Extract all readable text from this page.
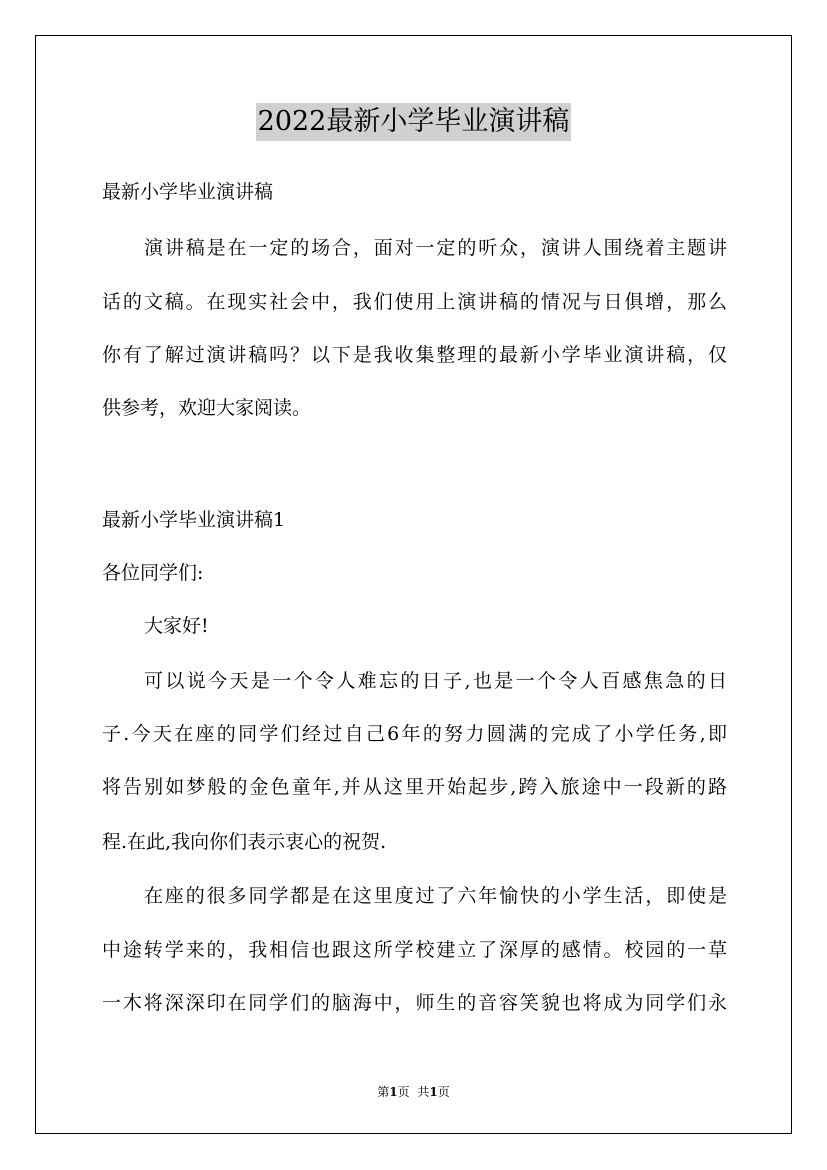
2022最新小学毕业演讲稿
最新小学毕业演讲稿
演讲稿是在一定的场合，面对一定的听众，演讲人围绕着主题讲
话的文稿。在现实社会中，我们使用上演讲稿的情况与日俱增，那么
你有了解过演讲稿吗？以下是我收集整理的最新小学毕业演讲稿，仅
供参考，欢迎大家阅读。
最新小学毕业演讲稿1
各位同学们:
大家好!
可以说今天是一个令人难忘的日子,也是一个令人百感焦急的日
子.今天在座的同学们经过自己6年的努力圆满的完成了小学任务,即
将告别如梦般的金色童年,并从这里开始起步,跨入旅途中一段新的路
程.在此,我向你们表示衷心的祝贺.
在座的很多同学都是在这里度过了六年愉快的小学生活，即使是
中途转学来的，我相信也跟这所学校建立了深厚的感情。校园的一草
一木将深深印在同学们的脑海中，师生的音容笑貌也将成为同学们永
第1页 共1页
